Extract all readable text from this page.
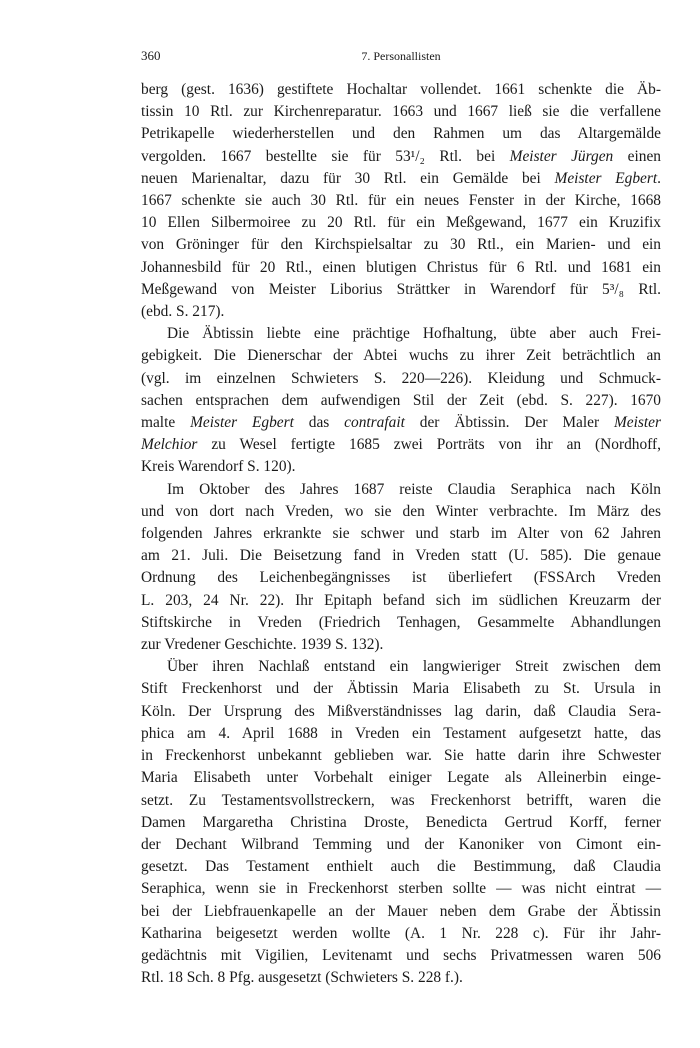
360	7. Personallisten

berg (gest. 1636) gestiftete Hochaltar vollendet. 1661 schenkte die Äb-
tissin 10 Rtl. zur Kirchenreparatur. 1663 und 1667 ließ sie die verfallene
Petrikapelle wiederherstellen und den Rahmen um das Altargemälde
vergolden. 1667 bestellte sie für 53¹/₂ Rtl. bei Meister Jürgen einen
neuen Marienaltar, dazu für 30 Rtl. ein Gemälde bei Meister Egbert.
1667 schenkte sie auch 30 Rtl. für ein neues Fenster in der Kirche, 1668
10 Ellen Silbermoiree zu 20 Rtl. für ein Meßgewand, 1677 ein Kruzifix
von Gröninger für den Kirchspielsaltar zu 30 Rtl., ein Marien- und ein
Johannesbild für 20 Rtl., einen blutigen Christus für 6 Rtl. und 1681 ein
Meßgewand von Meister Liborius Strättker in Warendorf für 5³/₈ Rtl.
(ebd. S. 217).

Die Äbtissin liebte eine prächtige Hofhaltung, übte aber auch Frei-
gebigkeit. Die Dienerschar der Abtei wuchs zu ihrer Zeit beträchtlich an
(vgl. im einzelnen Schwieters S. 220—226). Kleidung und Schmuck-
sachen entsprachen dem aufwendigen Stil der Zeit (ebd. S. 227). 1670
malte Meister Egbert das contrafait der Äbtissin. Der Maler Meister
Melchior zu Wesel fertigte 1685 zwei Porträts von ihr an (Nordhoff,
Kreis Warendorf S. 120).

Im Oktober des Jahres 1687 reiste Claudia Seraphica nach Köln
und von dort nach Vreden, wo sie den Winter verbrachte. Im März des
folgenden Jahres erkrankte sie schwer und starb im Alter von 62 Jahren
am 21. Juli. Die Beisetzung fand in Vreden statt (U. 585). Die genaue
Ordnung des Leichenbegängnisses ist überliefert (FSSArch Vreden
L. 203, 24 Nr. 22). Ihr Epitaph befand sich im südlichen Kreuzarm der
Stiftskirche in Vreden (Friedrich Tenhagen, Gesammelte Abhandlungen
zur Vredener Geschichte. 1939 S. 132).

Über ihren Nachlaß entstand ein langwieriger Streit zwischen dem
Stift Freckenhorst und der Äbtissin Maria Elisabeth zu St. Ursula in
Köln. Der Ursprung des Mißverständnisses lag darin, daß Claudia Sera-
phica am 4. April 1688 in Vreden ein Testament aufgesetzt hatte, das
in Freckenhorst unbekannt geblieben war. Sie hatte darin ihre Schwester
Maria Elisabeth unter Vorbehalt einiger Legate als Alleinerbin einge-
setzt. Zu Testamentsvollstreckern, was Freckenhorst betrifft, waren die
Damen Margaretha Christina Droste, Benedicta Gertrud Korff, ferner
der Dechant Wilbrand Temming und der Kanoniker von Cimont ein-
gesetzt. Das Testament enthielt auch die Bestimmung, daß Claudia
Seraphica, wenn sie in Freckenhorst sterben sollte — was nicht eintrat —
bei der Liebfrauenkapelle an der Mauer neben dem Grabe der Äbtissin
Katharina beigesetzt werden wollte (A. 1 Nr. 228 c). Für ihr Jahr-
gedächtnis mit Vigilien, Levitenamt und sechs Privatmessen waren 506
Rtl. 18 Sch. 8 Pfg. ausgesetzt (Schwieters S. 228 f.).
